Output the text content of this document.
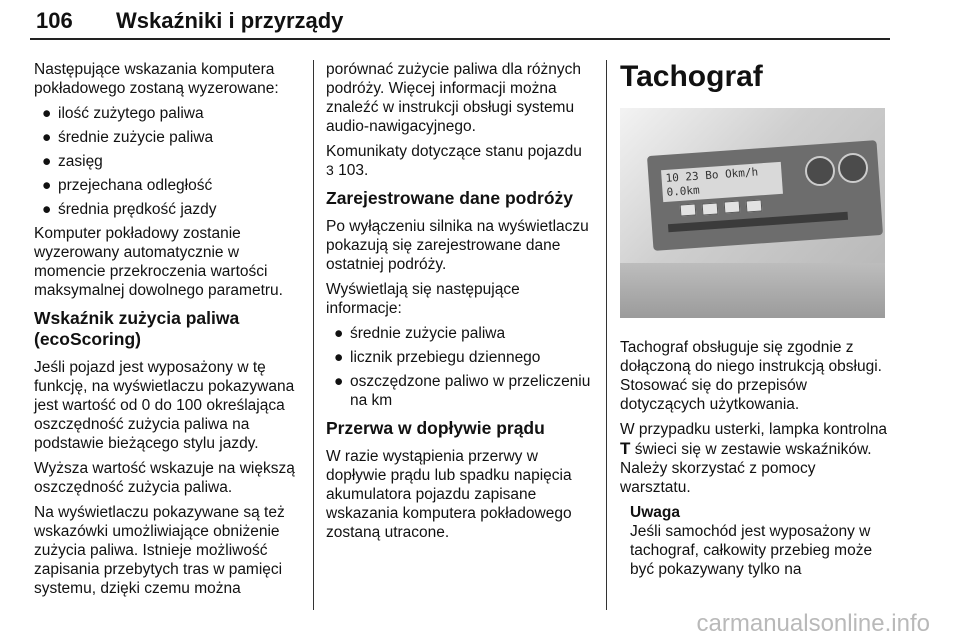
106 Wskaźniki i przyrządy

Następujące wskazania komputera pokładowego zostaną wyzerowane:

● ilość zużytego paliwa
● średnie zużycie paliwa
● zasięg
● przejechana odległość
● średnia prędkość jazdy

Komputer pokładowy zostanie wyzerowany automatycznie w momencie przekroczenia wartości maksymalnej dowolnego parametru.

Wskaźnik zużycia paliwa (ecoScoring)

Jeśli pojazd jest wyposażony w tę funkcję, na wyświetlaczu pokazywana jest wartość od 0 do 100 określająca oszczędność zużycia paliwa na podstawie bieżącego stylu jazdy.

Wyższa wartość wskazuje na większą oszczędność zużycia paliwa.

Na wyświetlaczu pokazywane są też wskazówki umożliwiające obniżenie zużycia paliwa. Istnieje możliwość zapisania przebytych tras w pamięci systemu, dzięki czemu można

porównać zużycie paliwa dla różnych podróży. Więcej informacji można znaleźć w instrukcji obsługi systemu audio-nawigacyjnego.

Komunikaty dotyczące stanu pojazdu
3 103.

Zarejestrowane dane podróży

Po wyłączeniu silnika na wyświetlaczu pokazują się zarejestrowane dane ostatniej podróży.

Wyświetlają się następujące informacje:

● średnie zużycie paliwa
● licznik przebiegu dziennego
● oszczędzone paliwo w przeliczeniu na km
Przerwa w dopływie prądu

W razie wystąpienia przerwy w dopływie prądu lub spadku napięcia akumulatora pojazdu zapisane wskazania komputera pokładowego zostaną utracone.

Tachograf
10 23 Bo Okm/h
0.0km

Tachograf obsługuje się zgodnie z dołączoną do niego instrukcją obsługi. Stosować się do przepisów dotyczących użytkowania.

W przypadku usterki, lampka kontrolna T świeci się w zestawie wskaźników. Należy skorzystać z pomocy warsztatu.

Uwaga
Jeśli samochód jest wyposażony w tachograf, całkowity przebieg może być pokazywany tylko na
carmanualsonline.info
